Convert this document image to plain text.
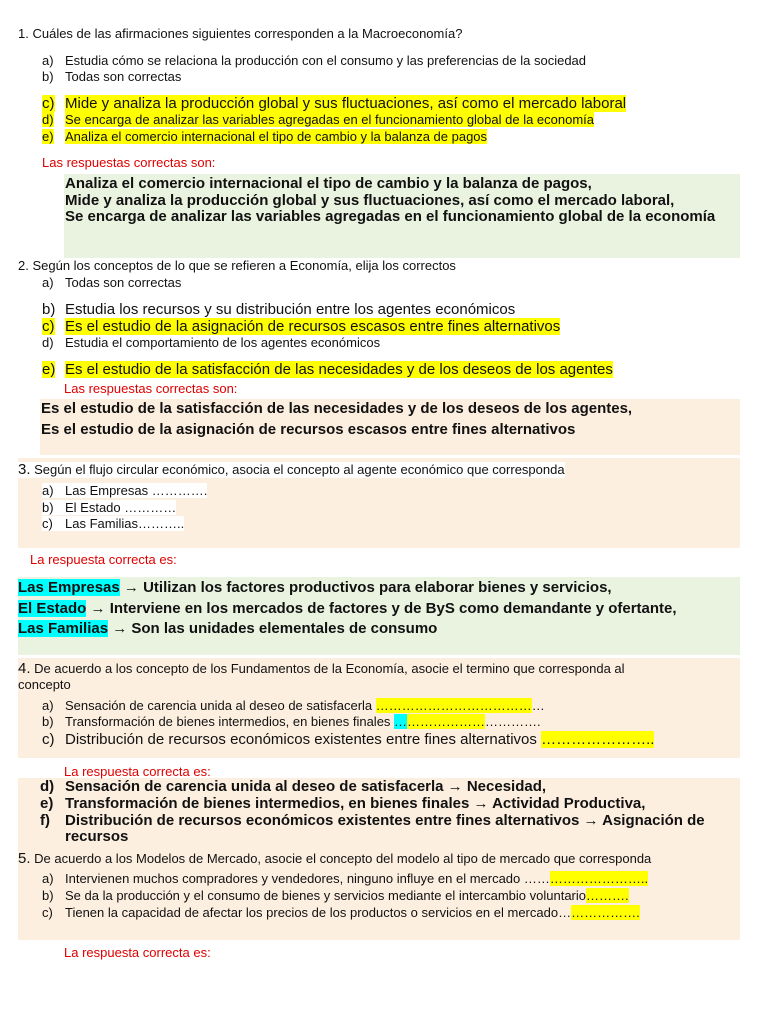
1. Cuáles de las afirmaciones siguientes corresponden a la Macroeconomía?
a) Estudia cómo se relaciona la producción con el consumo y las preferencias de la sociedad
b) Todas son correctas
c) Mide y analiza la producción global y sus fluctuaciones, así como el mercado laboral
d) Se encarga de analizar las variables agregadas en el funcionamiento global de la economía
e) Analiza el comercio internacional el tipo de cambio y la balanza de pagos
Las respuestas correctas son:
Analiza el comercio internacional el tipo de cambio y la balanza de pagos,
Mide y analiza la producción global y sus fluctuaciones, así como el mercado laboral,
Se encarga de analizar las variables agregadas en el funcionamiento global de la economía
2. Según los conceptos de lo que se refieren a Economía, elija los correctos
a) Todas son correctas
b) Estudia los recursos y su distribución entre los agentes económicos
c) Es el estudio de la asignación de recursos escasos entre fines alternativos
d) Estudia el comportamiento de los agentes económicos
e) Es el estudio de la satisfacción de las necesidades y de los deseos de los agentes
Las respuestas correctas son:
Es el estudio de la satisfacción de las necesidades y de los deseos de los agentes,
Es el estudio de la asignación de recursos escasos entre fines alternativos
3. Según el flujo circular económico, asocia el concepto al agente económico que corresponda
a) Las Empresas ………….
b) El Estado …………
c) Las Familias………..
La respuesta correcta es:
Las Empresas → Utilizan los factores productivos para elaborar bienes y servicios,
El Estado → Interviene en los mercados de factores y de ByS como demandante y ofertante,
Las Familias → Son las unidades elementales de consumo
4. De acuerdo a los concepto de los Fundamentos de la Economía, asocie el termino que corresponda al
concepto
a) Sensación de carencia unida al deseo de satisfacerla …………………………………
b) Transformación de bienes intermedios, en bienes finales …………………………….
c) Distribución de recursos económicos existentes entre fines alternativos …………………..
La respuesta correcta es:
d) Sensación de carencia unida al deseo de satisfacerla → Necesidad,
e) Transformación de bienes intermedios, en bienes finales → Actividad Productiva,
f) Distribución de recursos económicos existentes entre fines alternativos → Asignación de recursos
5. De acuerdo a los Modelos de Mercado, asocie el concepto del modelo al tipo de mercado que corresponda
a) Intervienen muchos compradores y vendedores, ninguno influye en el mercado ………………………..
b) Se da la producción y el consumo de bienes y servicios mediante el intercambio voluntario……….
c) Tienen la capacidad de afectar los precios de los productos o servicios en el mercado……………….
La respuesta correcta es:
